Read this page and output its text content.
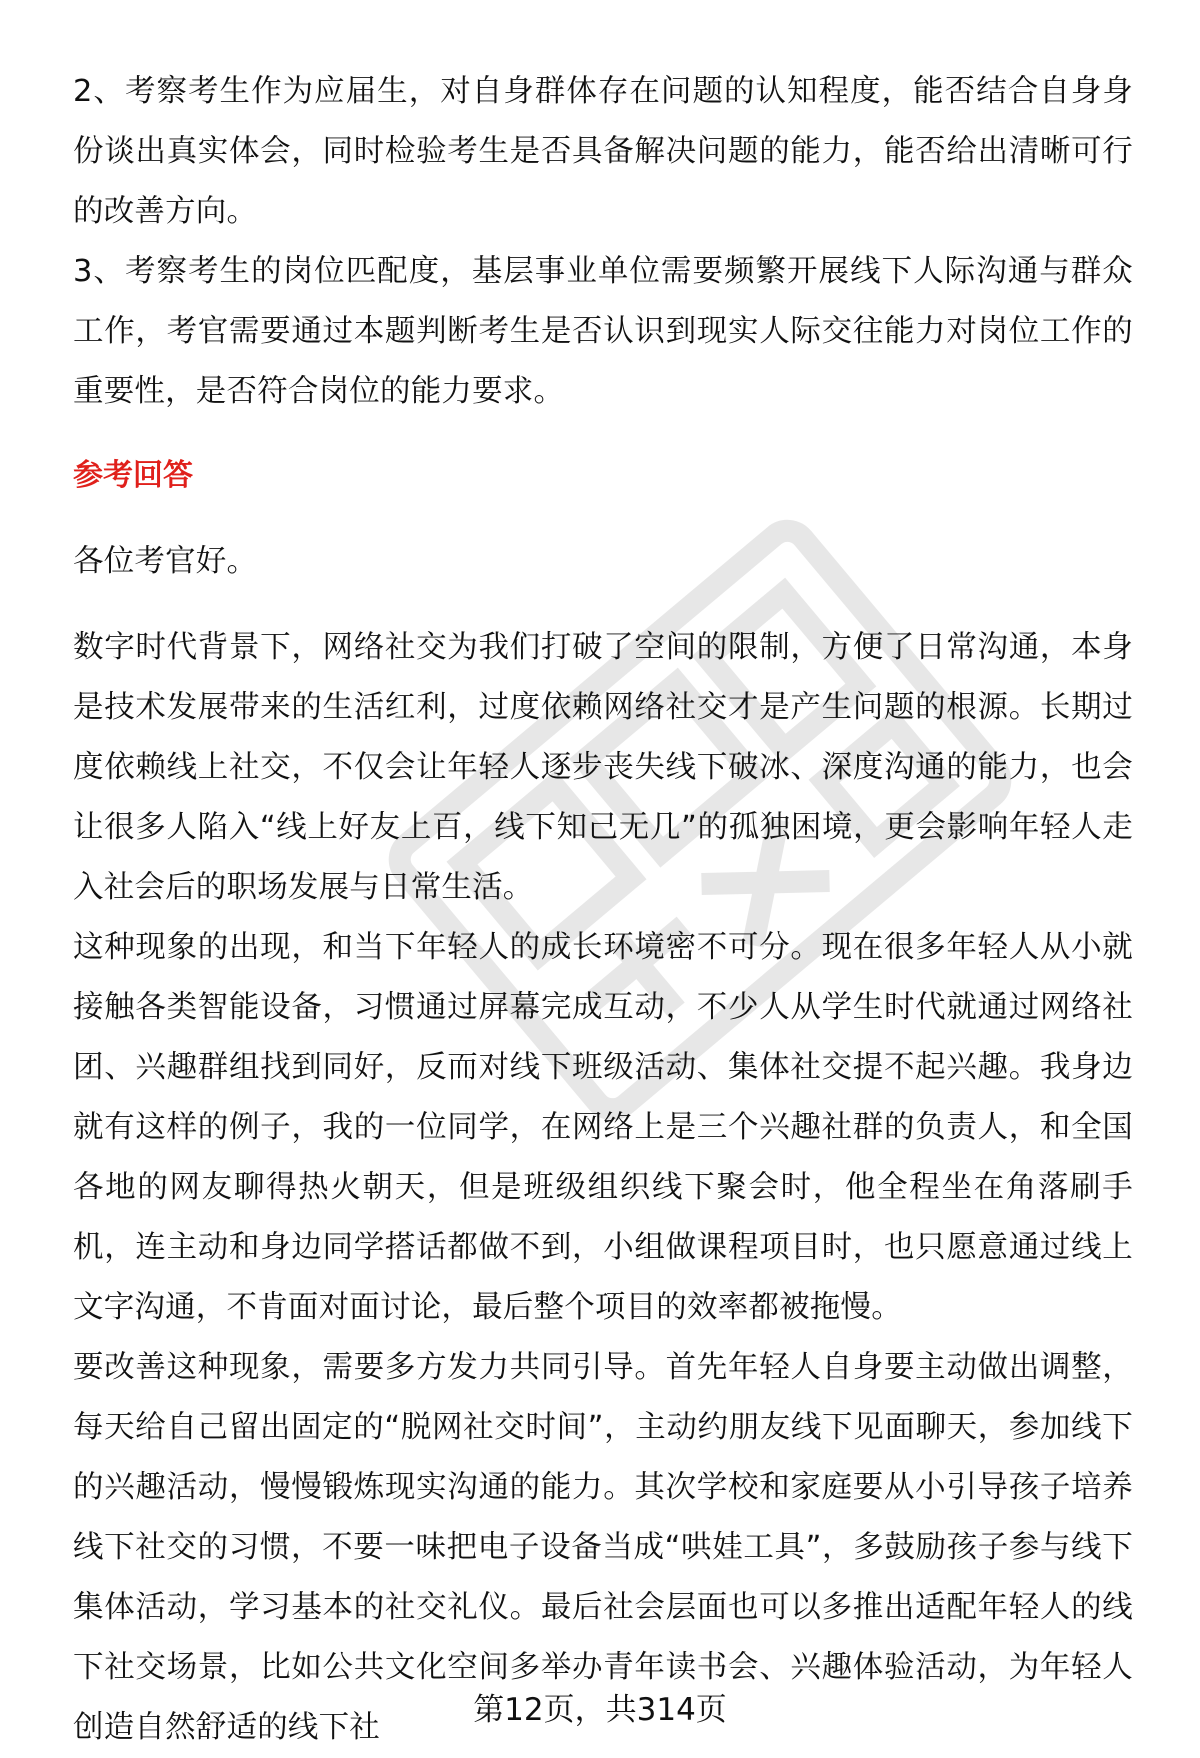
2、考察考生作为应届生，对自身群体存在问题的认知程度，能否结合自身身份谈出真实体会，同时检验考生是否具备解决问题的能力，能否给出清晰可行的改善方向。

3、考察考生的岗位匹配度，基层事业单位需要频繁开展线下人际沟通与群众工作，考官需要通过本题判断考生是否认识到现实人际交往能力对岗位工作的重要性，是否符合岗位的能力要求。

参考回答

各位考官好。

数字时代背景下，网络社交为我们打破了空间的限制，方便了日常沟通，本身是技术发展带来的生活红利，过度依赖网络社交才是产生问题的根源。长期过度依赖线上社交，不仅会让年轻人逐步丧失线下破冰、深度沟通的能力，也会让很多人陷入“线上好友上百，线下知己无几”的孤独困境，更会影响年轻人走入社会后的职场发展与日常生活。

这种现象的出现，和当下年轻人的成长环境密不可分。现在很多年轻人从小就接触各类智能设备，习惯通过屏幕完成互动，不少人从学生时代就通过网络社团、兴趣群组找到同好，反而对线下班级活动、集体社交提不起兴趣。我身边就有这样的例子，我的一位同学，在网络上是三个兴趣社群的负责人，和全国各地的网友聊得热火朝天，但是班级组织线下聚会时，他全程坐在角落刷手机，连主动和身边同学搭话都做不到，小组做课程项目时，也只愿意通过线上文字沟通，不肯面对面讨论，最后整个项目的效率都被拖慢。

要改善这种现象，需要多方发力共同引导。首先年轻人自身要主动做出调整，每天给自己留出固定的“脱网社交时间”，主动约朋友线下见面聊天，参加线下的兴趣活动，慢慢锻炼现实沟通的能力。其次学校和家庭要从小引导孩子培养线下社交的习惯，不要一味把电子设备当成“哄娃工具”，多鼓励孩子参与线下集体活动，学习基本的社交礼仪。最后社会层面也可以多推出适配年轻人的线下社交场景，比如公共文化空间多举办青年读书会、兴趣体验活动，为年轻人创造自然舒适的线下社	第12页，共314页
